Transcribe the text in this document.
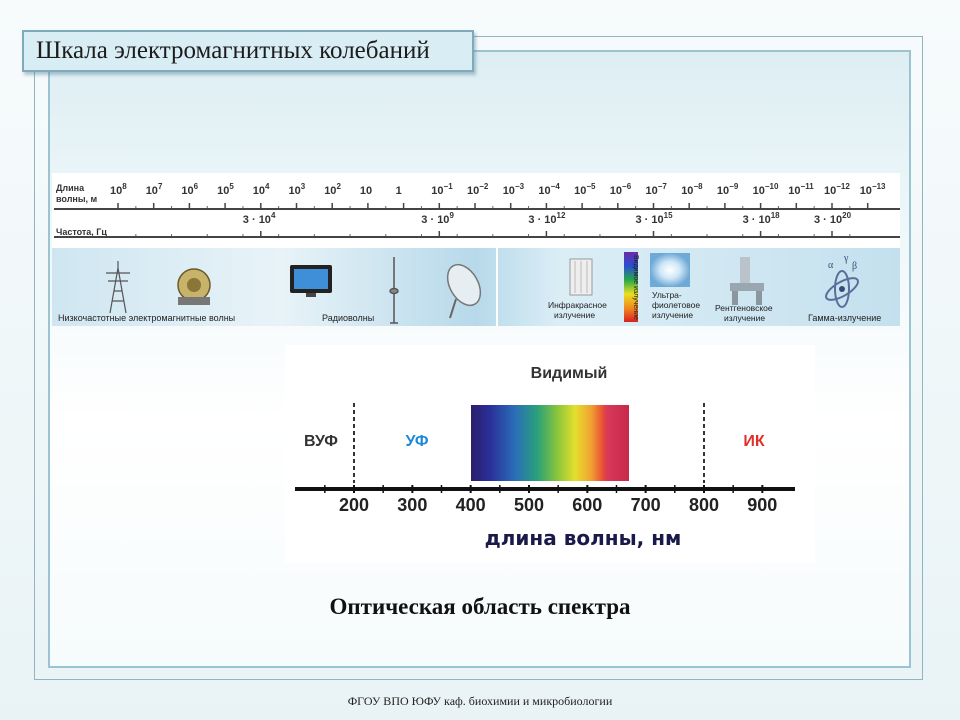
Шкала электромагнитных колебаний
Длина
волны, м
$10^8$ $10^7$ $10^6$ $10^5$ $10^4$ $10^3$ $10^2$ 10 1	$10^{-1}$ $10^{-2}$ $10^{-3}$ $10^{-4}$ $10^{-5}$ $10^{-6}$ $10^{-7}$ $10^{-8}$ $10^{-9}$ $10^{-10}$ $10^{-11}$ $10^{-12}$ $10^{-13}$
Частота, Гц
$3 \cdot 10^4$	$3 \cdot 10^9$	$3 \cdot 10^{12}$	$3 \cdot 10^{15}$	$3 \cdot 10^{18}$	$3 \cdot 10^{20}$
α
γ
β
Низкочастотные электромагнитные волны	Радиоволны
Инфракрасное
излучение	Видимое излучение Ультра-
фиолетовое
излучение
Рентгеновское
излучение	Гамма-излучение
Видимый
ВУФ	УФ	ИК
200 300 400 500 600 700 800 900
длина волны, нм
Оптическая область спектра
ФГОУ ВПО ЮФУ каф. биохимии и микробиологии
